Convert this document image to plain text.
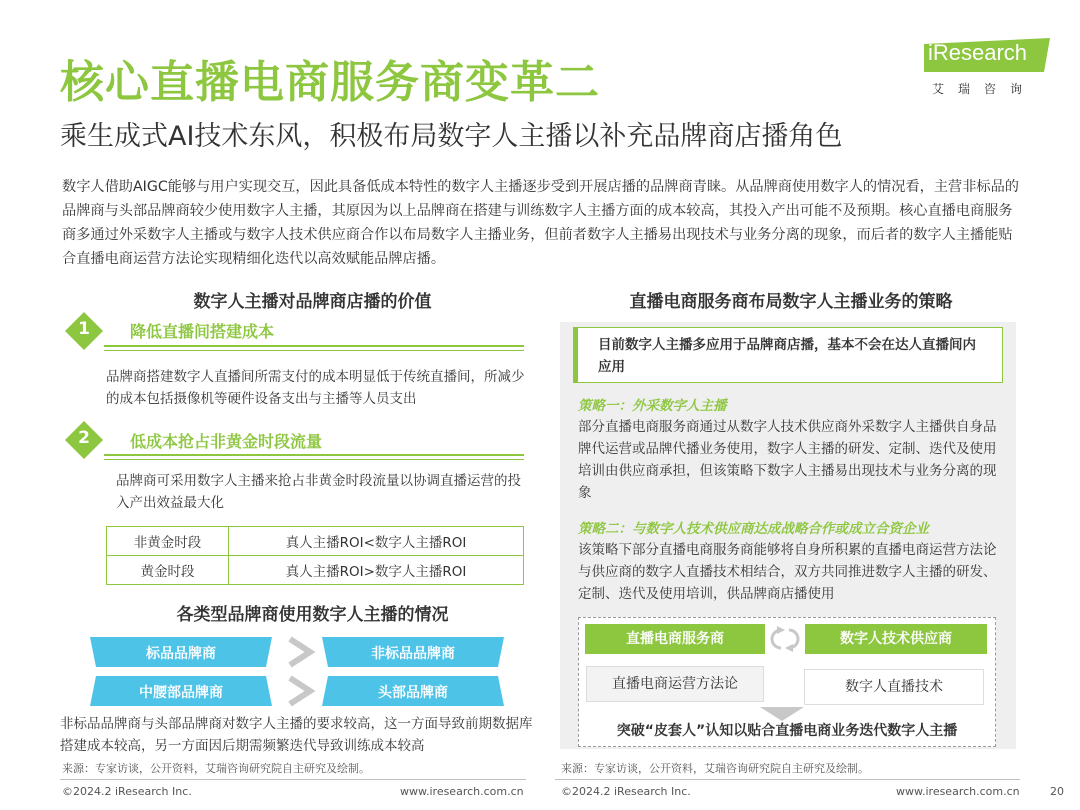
核心直播电商服务商变革二
乘生成式AI技术东风，积极布局数字人主播以补充品牌商店播角色
iResearch
艾瑞咨询
数字人借助AIGC能够与用户实现交互，因此具备低成本特性的数字人主播逐步受到开展店播的品牌商青睐。从品牌商使用数字人的情况看，主营非标品的品牌商与头部品牌商较少使用数字人主播，其原因为以上品牌商在搭建与训练数字人主播方面的成本较高，其投入产出可能不及预期。核心直播电商服务商多通过外采数字人主播或与数字人技术供应商合作以布局数字人主播业务，但前者数字人主播易出现技术与业务分离的现象，而后者的数字人主播能贴合直播电商运营方法论实现精细化迭代以高效赋能品牌店播。
数字人主播对品牌商店播的价值
1	降低直播间搭建成本
品牌商搭建数字人直播间所需支付的成本明显低于传统直播间，所减少的成本包括摄像机等硬件设备支出与主播等人员支出
2	低成本抢占非黄金时段流量
品牌商可采用数字人主播来抢占非黄金时段流量以协调直播运营的投入产出效益最大化
非黄金时段	真人主播ROI<数字人主播ROI
黄金时段	真人主播ROI>数字人主播ROI
各类型品牌商使用数字人主播的情况
标品品牌商	非标品品牌商
中腰部品牌商	头部品牌商
非标品品牌商与头部品牌商对数字人主播的要求较高，这一方面导致前期数据库搭建成本较高，另一方面因后期需频繁迭代导致训练成本较高
来源：专家访谈，公开资料，艾瑞咨询研究院自主研究及绘制。
直播电商服务商布局数字人主播业务的策略
目前数字人主播多应用于品牌商店播，基本不会在达人直播间内应用
策略一：外采数字人主播
部分直播电商服务商通过从数字人技术供应商外采数字人主播供自身品牌代运营或品牌代播业务使用，数字人主播的研发、定制、迭代及使用培训由供应商承担，但该策略下数字人主播易出现技术与业务分离的现象
策略二：与数字人技术供应商达成战略合作或成立合资企业
该策略下部分直播电商服务商能够将自身所积累的直播电商运营方法论与供应商的数字人直播技术相结合，双方共同推进数字人主播的研发、定制、迭代及使用培训，供品牌商店播使用
直播电商服务商	数字人技术供应商
直播电商运营方法论	数字人直播技术
突破“皮套人”认知以贴合直播电商业务迭代数字人主播
来源：专家访谈，公开资料，艾瑞咨询研究院自主研究及绘制。
©2024.2 iResearch Inc.	www.iresearch.com.cn	©2024.2 iResearch Inc.	www.iresearch.com.cn	20
